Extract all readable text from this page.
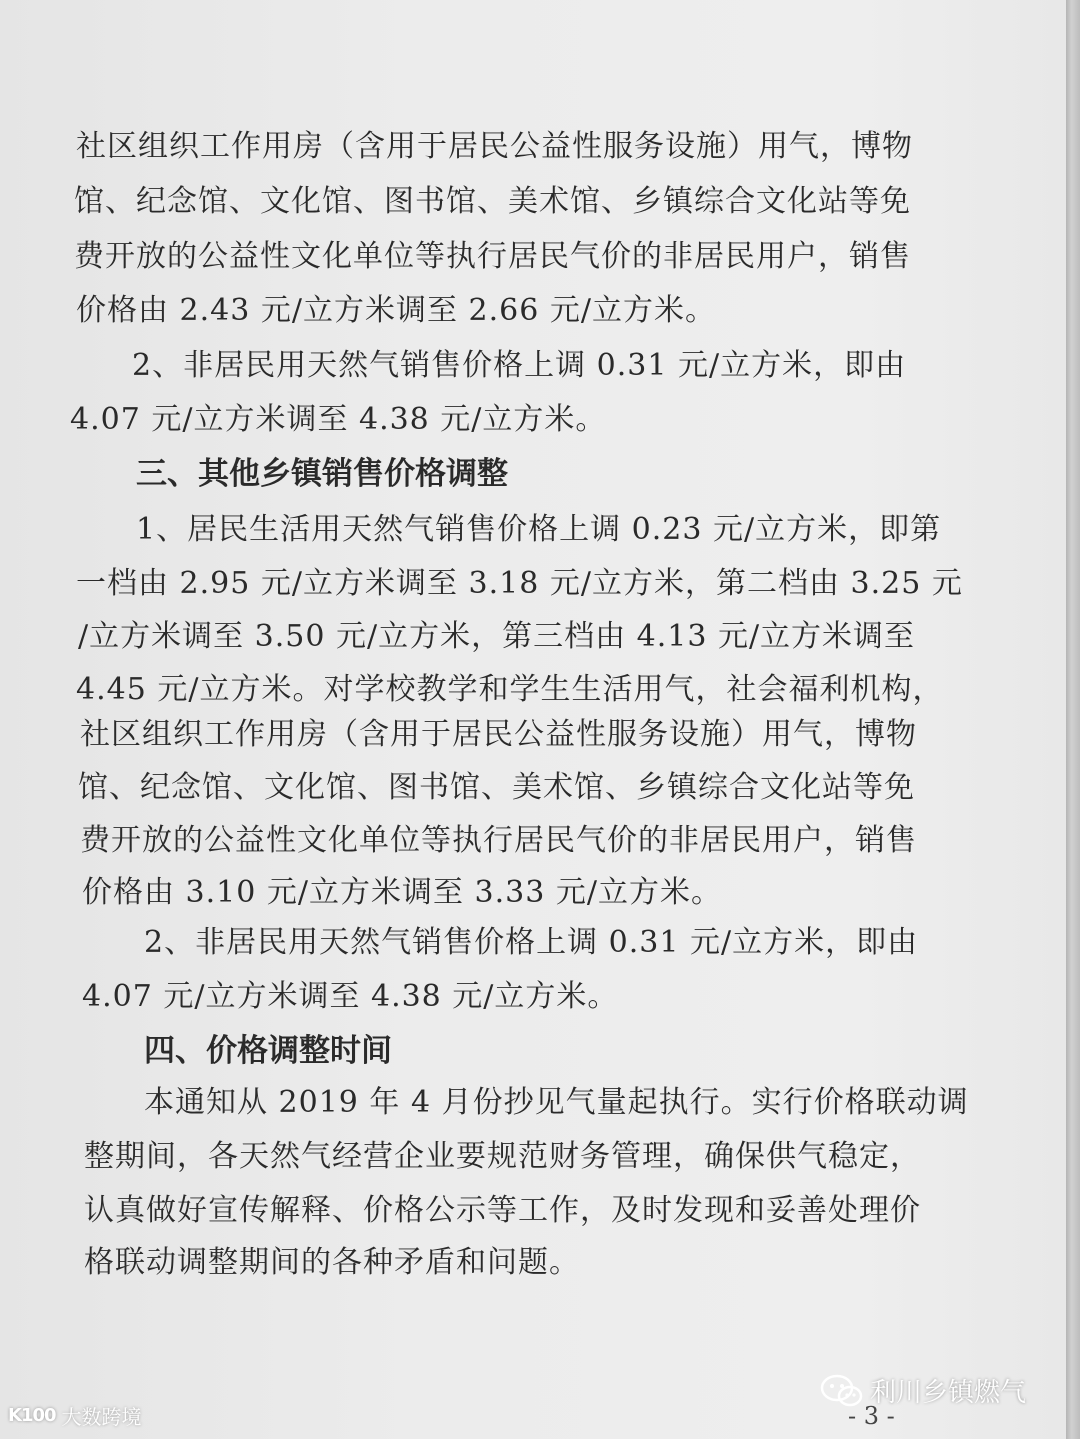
社区组织工作用房（含用于居民公益性服务设施）用气，博物
馆、纪念馆、文化馆、图书馆、美术馆、乡镇综合文化站等免
费开放的公益性文化单位等执行居民气价的非居民用户，销售
价格由 2.43 元/立方米调至 2.66 元/立方米。
2、非居民用天然气销售价格上调 0.31 元/立方米，即由
4.07 元/立方米调至 4.38 元/立方米。
三、其他乡镇销售价格调整
1、居民生活用天然气销售价格上调 0.23 元/立方米，即第
一档由 2.95 元/立方米调至 3.18 元/立方米，第二档由 3.25 元
/立方米调至 3.50 元/立方米，第三档由 4.13 元/立方米调至
4.45 元/立方米。对学校教学和学生生活用气，社会福利机构，
社区组织工作用房（含用于居民公益性服务设施）用气，博物
馆、纪念馆、文化馆、图书馆、美术馆、乡镇综合文化站等免
费开放的公益性文化单位等执行居民气价的非居民用户，销售
价格由 3.10 元/立方米调至 3.33 元/立方米。
2、非居民用天然气销售价格上调 0.31 元/立方米，即由
4.07 元/立方米调至 4.38 元/立方米。
四、价格调整时间
本通知从 2019 年 4 月份抄见气量起执行。实行价格联动调
整期间，各天然气经营企业要规范财务管理，确保供气稳定，
认真做好宣传解释、价格公示等工作，及时发现和妥善处理价
格联动调整期间的各种矛盾和问题。
- 3 -
K100 大数跨境
利川乡镇燃气
